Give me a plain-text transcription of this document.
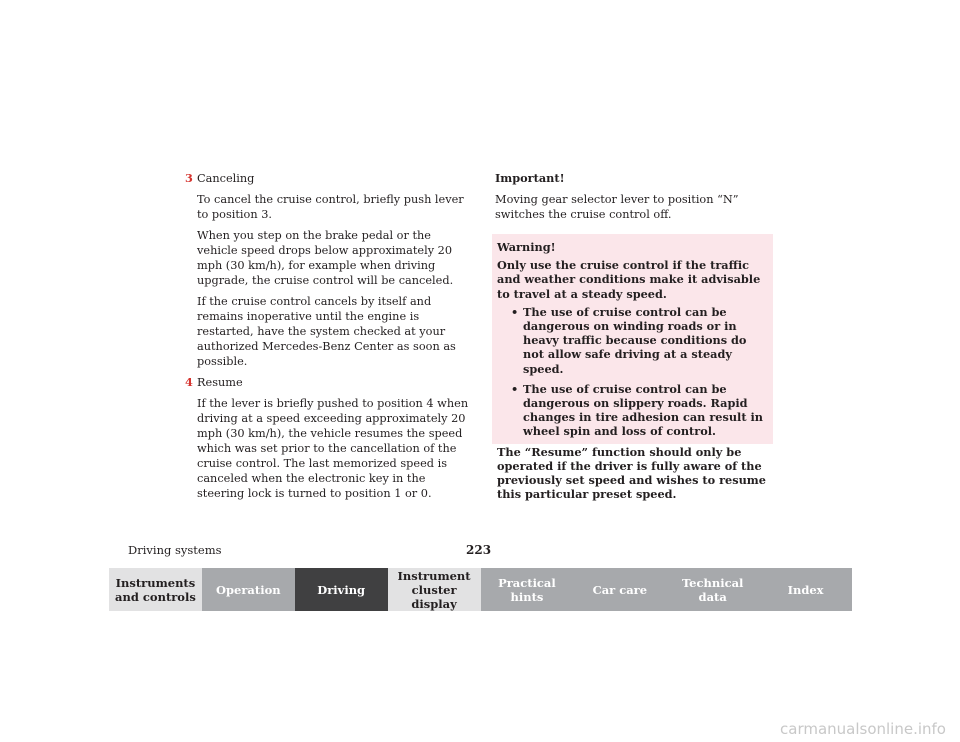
3 Canceling

To cancel the cruise control, briefly push lever to position 3.

When you step on the brake pedal or the vehicle speed drops below approximately 20 mph (30 km/h), for example when driving upgrade, the cruise control will be canceled.

If the cruise control cancels by itself and remains inoperative until the engine is restarted, have the system checked at your authorized Mercedes-Benz Center as soon as possible.

4 Resume

If the lever is briefly pushed to position 4 when driving at a speed exceeding approximately 20 mph (30 km/h), the vehicle resumes the speed which was set prior to the cancellation of the cruise control. The last memorized speed is canceled when the electronic key in the steering lock is turned to position 1 or 0.

Important!

Moving gear selector lever to position “N” switches the cruise control off.

Warning!

Only use the cruise control if the traffic and weather conditions make it advisable to travel at a steady speed.

• The use of cruise control can be dangerous on winding roads or in heavy traffic because conditions do not allow safe driving at a steady speed.
• The use of cruise control can be dangerous on slippery roads. Rapid changes in tire adhesion can result in wheel spin and loss of control.

The “Resume” function should only be operated if the driver is fully aware of the previously set speed and wishes to resume this particular preset speed.

Driving systems	223
Instruments
and controls	Operation	Driving
Instrument
cluster display
Practical hints	Car care	Technical
data	Index
carmanualsonline.info
